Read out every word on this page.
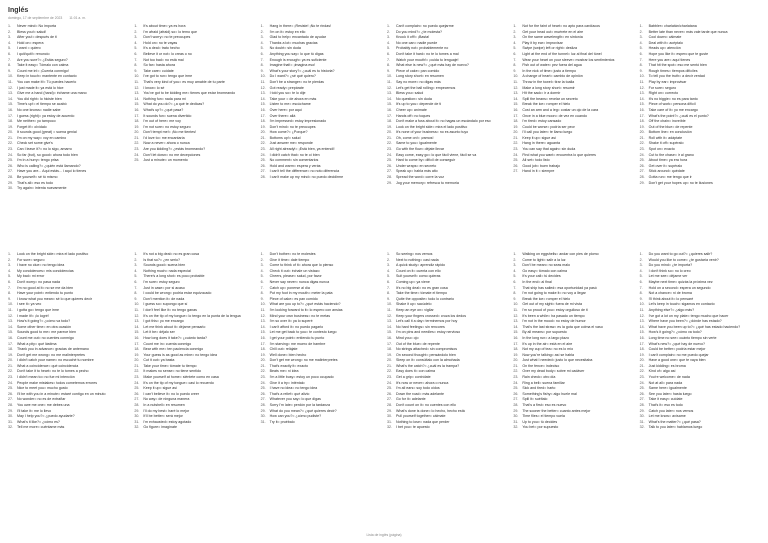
Inglés
domingo, 17 de septiembre de 2023 11:01 a. m.
1.	Never mind= No importa
2.	Bless you!= salud!
3.	After you!= después de ti
4.	Hold on= espera
5.	I want = quiero
6.	I quit/quit!= renuncio
7.	Are you sure?= ¿Estás seguro?
8.	Take it easy= Tómalo con calma
9.	Count me in!= ¡Cuenta conmigo!
10.	Keep in touch= mantente en contacto
11.	You can make it!= Tú puedes hacerlo
12.	I just made it= ya está lo hice
13.	Give me a hand (hand)= échame una mano
14.	You did right= lo hiciste bien
15.	Time's up!= el tiempo se acabó
16.	No one knows= nadie sabe
17.	I guess (right)= ya estoy de acuerdo
18.	Me neither= yo tampoco
19.	Forget it!= olvídalo
20.	It sounds good (great) = suena genial
21.	I'm on my way= voy en camino
22.	Check set some give's
23.	Can I leave it?= no lo sigo, amarro
24.	So far (but), so good= ahora todo bien
25.	I'm in a hurry= tengo prisa
26.	Who is calling?= ¿quién está llamando?
27.	Have you are... Aqui estás... i aquí lo tienes
28.	Be yourself= sé tú mismo
29.	That's all= eso es todo
30.	Try again= intenta nuevamente
1.	It's about time= ya es hora
2.	I'm afraid (afraid) so= lo temo que
3.	Don't worry= no te preocupes
4.	Hold on= no te vayas
5.	It's a deal= trato hecho
6.	Believe it or not= lo creas o no
7.	Not too bad= no está mal
8.	So far= hasta ahora
9.	Take care= cuídate
10.	I've got to run= tengo que irme
11.	That's very kind of you= es muy amable de tu parte
12.	I know= lo sé
13.	You've got to be kidding me= tienes que estar bromeando
14.	Nothing fun= nada para mí
15.	What do you do?= ¿a qué te dedicas?
16.	What's up?= ¿qué pasa?
17.	It sounds fun= suena divertido
18.	I'm out of here= me voy
19.	I'm not sure= no estoy seguro
20.	Don't tempt me!= ¡No me tientes!
21.	I'd love to= me encantaría
22.	Now a never= ahora o nunca
23.	Are you kidding?= ¿estás bromeando?
24.	Don't let down= no me decepciones
25.	Just a minute= un momento
1.	Hang in there= ¡Resiste! ¡No te rindas!
2.	I'm on it= estoy en ello
3.	Glad to help= encantado de ayudar
4.	Thanks a lot= muchas gracias
5.	No doubt= sin duda
6.	Anything you say= lo que tú digas
7.	Enough is enough= ya es suficiente
8.	Imagine that!= ¡imagina eso!
9.	What's your story?= ¿cuál es tu historia?
10.	Do I want?= ¿sé qué quiero?
11.	Don't be a stranger= no te pierdas
12.	Got ready= prepárate
13.	I told you so= te lo dije
14.	Take your = de ahora en más
15.	Listen to me= escúchame
16.	Over here= por aquí
17.	Over there= allá
18.	I'm impressed= estoy impresionado
19.	Don't mind= no te preocupes
20.	How come?= ¿Porque?
21.	Bottoms up!= salud
22.	Just answer me= responde
23.	All right already!= ¡Está bien, ya entendí!
24.	I didn't catch that= no te oí bien
25.	No comment= sin comentarios
26.	Hold and warm= espera y verás
27.	I can't tell the difference= no noto diferencia
28.	I can't make up my mind= no puedo decidirme
1.	Can't complain= no puedo quejarme
2.	Do you mind?= ¿te molesta?
3.	Knock it off!= ¡Basta!
4.	No one can= nadie puede
5.	Probably not= probablemente no
6.	Don't take it hard= no te lo tomes a mal
7.	Watch your mouth!= ¡cuida tu lenguaje!
8.	What else is new?= ¿qué más hay de nuevo?
9.	Piece of cake= pan comido
10.	Long story short= en resumen
11.	Say no more= no digas más
12.	Let's get the ball rolling= empecemos
13.	Bless you= salud
14.	No question= sin duda
15.	It's up to you= depende de ti
16.	Cheer up= anímate
17.	Hands off= no toques
18.	Don't make a fuss about it= no hagas un escándalo por eso
19.	Look on the bright side= mira el lado positivo
20.	It's none of your business= no es asunto tuyo
21.	Oh, come on!= ¡vamos!
22.	Same to you= igualmente
23.	Go with the flow= déjate llevar
24.	Easy come, easy go= lo que fácil viene, fácil se va
25.	Hard to come by= difícil de conseguir
26.	Under wraps= en secreto
27.	Speak up= habla más alto
28.	Spread the word= corre la voz
29.	Jog your memory= refresca tu memoria
1.	Not for the faint of heart= no apto para cardíacos
2.	Get your head out= muérete en el aire
3.	On the same wavelength= en sintonía
4.	Play it by ear= improvisar
5.	Swipe (swipe) left or right= desliza
6.	Light at the end of the tunnel= luz al final del túnel
7.	Wear your heart on your sleeve= mostrar los sentimientos
8.	Fish out of water= pez fuera del agua
9.	In the nick of time= justo a tiempo
10.	A change of heart= cambio de opinión
11.	Throw in the towel= tirar la toalla
12.	Make a long story short= resumir
13.	Hit the sack= ir a dormir
14.	Spill the beans= revelar un secreto
15.	Break the ice= romper el hielo
16.	Cost an arm and a leg= costar un ojo de la cara
17.	Once in a blue moon= de vez en cuando
18.	I'm tired= estoy cansado
19.	Could be worse= podría ser peor
20.	I'll call you later= te llamo luego
21.	Keep it up= sigue así
22.	Hang in there= aguanta
23.	You can say that again= sin duda
24.	Find what you want= encuentra lo que quieres
25.	All set= todo listo
26.	Good job= buen trabajo
27.	Hand in it = siempre
1.	Babbler= charlatán/charlatana
2.	Better late than never= más vale tarde que nunca
3.	Cool down= cálmate
4.	Deal with it= acéptalo
5.	Heads up= atención
6.	Hope you like it= espero que te guste
7.	Here you are= aquí tienes
8.	That hit the spot= eso me sentó bien
9.	Rough times= tiempos difíciles
10.	To tell you the truth= a decir verdad
11.	Play by ear= improvisar
12.	For sure= seguro
13.	Right on= correcto
14.	It's no biggie= no es para tanto
15.	Piece of work= persona difícil
16.	Take care of it= yo me encargo
17.	What's the point?= ¿cuál es el punto?
18.	Off the chain= increíble
19.	Out of the blue= de repente
20.	Bottom line= en conclusión
21.	Roll with it= adáptate
22.	Shake it off= supéralo
23.	Spot on= exacto
24.	Cut to the chase= ir al grano
25.	About time= ya era hora
26.	Get over it= supéralo
27.	Stick around= quédate
28.	Gotta run= me tengo que ir
29.	Don't get your hopes up= no te ilusiones
1.	Look on the bright side= mira el lado positivo
2.	For sure= seguro
3.	I have no clue= no tengo idea
4.	My condolences= mis condolencias
5.	My bad= mi error
6.	Don't worry= no pasa nada
7.	I'm no good at it= no se me da bien
8.	Have your point= entiendo tu punto
9.	I know what you mean= sé lo que quieres decir
10.	I see it= ya veo
11.	I gotta go= tengo que irme
12.	I made it!= ¡lo logré!
13.	How's it going?= ¿cómo va todo?
14.	Some other time= en otra ocasión
15.	Sounds good to me= me parece bien
16.	Count me out= no cuentes conmigo
17.	What a pity= qué lástima
18.	Thank you in advance= gracias de antemano
19.	Don't get me wrong= no me malinterpretes
20.	I didn't catch your name= no escuché tu nombre
21.	What a coincidence= qué coincidencia
22.	Don't take it to heart= no te lo tomes a pecho
23.	I didn't mean to= no fue mi intención
24.	People make mistakes= todos cometemos errores
25.	Nice to meet you= mucho gusto
26.	I'll be with you in a minute= estaré contigo en un minuto
27.	No wonder= no es de extrañar
28.	You owe me one= me debes una
29.	I'll take it= me lo llevo
30.	May I help you?= ¿puedo ayudarte?
31.	What's it like?= ¿cómo es?
32.	Tell me more= cuéntame más
1.	It's not a big deal= no es gran cosa
2.	Is that so?= ¿en serio?
3.	Sounds good= suena bien
4.	Nothing much= nada especial
5.	There's a long shot= es poco probable
6.	I'm sure= estoy seguro
7.	Just in case= por si acaso
8.	I could be wrong= podría estar equivocado
9.	Don't mention it= de nada
10.	I guess so= supongo que sí
11.	I don't feel like it= no tengo ganas
12.	It's on the tip of my tongue= lo tengo en la punta de la lengua
13.	I got this= yo me encargo
14.	Let me think about it= déjame pensarlo
15.	Let it be= déjalo ser
16.	How long does it take?= ¿cuánto tarda?
17.	Count me in= cuenta conmigo
18.	Bear with me= ten paciencia conmigo
19.	Your guess is as good as mine= no tengo idea
20.	Cut it out= ya basta
21.	Take your time= tómate tu tiempo
22.	It makes no sense= no tiene sentido
23.	Make yourself at home= siéntete como en casa
24.	It's on the tip of my tongue= casi lo recuerdo
25.	Keep it up= sigue así
26.	I can't believe it= no lo puedo creer
27.	No way= de ninguna manera
28.	In a nutshell= en resumen
29.	I'll do my best= haré lo mejor
30.	It'll be better= será mejor
31.	I'm exhausted= estoy agotado
32.	Go figure= imagínate
1.	Don't bother= no te molestes
2.	Give it time= dale tiempo
3.	Come to think of it= ahora que lo pienso
4.	Check it out= échale un vistazo
5.	Cheers, please= salud, por favor
6.	Never say never= nunca digas nunca
7.	Catch up= ponerse al día
8.	Put my foot in my mouth= meter la pata
9.	Piece of cake= es pan comido
10.	What are you up to?= ¿qué estás haciendo?
11.	I'm looking forward to it= lo espero con ansias
12.	Mind your own business= no te metas
13.	I'm so over it= ya lo superé
14.	I can't afford it= no puedo pagarlo
15.	Let me get back to you= te contesto luego
16.	I get your point= entiendo tu punto
17.	I'm starving= me muero de hambre
18.	Chill out= relájate
19.	Well done= bien hecho
20.	Don't get me wrong= no me malinterpretes
21.	That's exactly it= exacto
22.	Beats me= ni idea
23.	I'm a little busy= estoy un poco ocupado
24.	Give it a try= inténtalo
25.	I have no idea= no tengo idea
26.	That's a relief= qué alivio
27.	Whatever you say= lo que digas
28.	Sorry I'm late= perdón por la tardanza
29.	What do you mean?= ¿qué quieres decir?
30.	How can you?= ¿cómo pudiste?
31.	Try it= pruébalo
1.	So seeing= nos vemos
2.	Next to nothing= casi nada
3.	A quick study= aprendiz rápido
4.	Count on it= cuenta con ello
5.	Suit yourself= como quieras
6.	Coming up= ya viene
7.	It's no big deal= no es gran cosa
8.	Take the time= tómate el tiempo
9.	Quite the opposite= todo lo contrario
10.	Shake it up= sacúdelo
11.	Keep an eye on= vigilar
12.	Keep your fingers crossed= cruza los dedos
13.	Let's call it a day= terminemos por hoy
14.	No hard feelings= sin rencores
15.	I'm on pins and needles= estoy nervioso
16.	Mind you= ojo
17.	Out of the blue= de repente
18.	No strings attached= sin compromisos
19.	On second thought= pensándolo bien
20.	Sleep on it= consúltalo con la almohada
21.	What's the catch?= ¿cuál es la trampa?
22.	Easy does it= con calma
23.	Get a grip= contrólate
24.	It's now or never= ahora o nunca
25.	I'm all ears= soy todo oídos
26.	Down the road= más adelante
27.	Go for it= adelante
28.	Don't count on it= no cuentes con ello
29.	What's done is done= lo hecho, hecho está
30.	Pull yourself together= cálmate
31.	Nothing to lose= nada que perder
32.	I bet you= te apuesto
1.	Walking on eggshells= andar con pies de plomo
2.	Come to light= salir a la luz
3.	Don't be mean= no seas malo
4.	Go easy= tómalo con calma
5.	It's your call= tú decides
6.	In the end= al final
7.	That ship has sailed= esa oportunidad ya pasó
8.	I'm not going to make it= no voy a llegar
9.	Break the ice= romper el hielo
10.	Get out of my sight= fuera de mi vista
11.	I'm so proud of you= estoy orgulloso de ti
12.	It's been a while= ha pasado un tiempo
13.	I'm not in the mood= no estoy de humor
14.	That's the last straw= es la gota que colma el vaso
15.	By all means= por supuesto
16.	In the long run= a largo plazo
17.	It's up in the air= está en el aire
18.	Not my cup of tea= no es lo mío
19.	Now you're talking= así se habla
20.	Just what I needed= justo lo que necesitaba
21.	On the fence= indeciso
22.	Over my dead body= sobre mi cadáver
23.	Rain check= otro día
24.	Ring a bell= suena familiar
25.	Sick and tired= harto
26.	Something's fishy= algo huele mal
27.	Spill it= suéltalo
28.	That's a first= eso es nuevo
29.	The sooner the better= cuanto antes mejor
30.	Time flies= el tiempo vuela
31.	Up to you= tú decides
32.	You bet= por supuesto
1.	Do you want to go out?= ¿quieres salir?
2.	Would you like to come= ¿te gustaría venir?
3.	Do you mind= ¿te importa?
4.	I don't think so= no lo creo
5.	Let me see= déjame ver
6.	Maybe next time= quizás la próxima vez
7.	Hold on a second= espera un segundo
8.	Not a chance= ni de broma
9.	I'll think about it= lo pensaré
10.	Let's keep in touch= sigamos en contacto
11.	Anything else?= ¿algo más?
12.	I've got a lot on my plate= tengo mucho que hacer
13.	Where have you been?= ¿dónde has estado?
14.	What have you been up to?= ¿qué has estado haciendo?
15.	How's it going?= ¿cómo va todo?
16.	Long time no see= cuánto tiempo sin verte
17.	What's new?= ¿qué hay de nuevo?
18.	Could be better= podría estar mejor
19.	I can't complain= no me puedo quejar
20.	Have a good one= que te vaya bien
21.	Just kidding= es broma
22.	Kind of= algo así
23.	You're welcome= de nada
24.	Not at all= para nada
25.	Same here= igualmente
26.	See you later= hasta luego
27.	Take it easy= cuídate
28.	That's it= eso es todo
29.	Catch you later= nos vemos
30.	Let me know= avísame
31.	What's the matter?= ¿qué pasa?
32.	Talk to you later= hablamos luego
Lista de inglés (página)
